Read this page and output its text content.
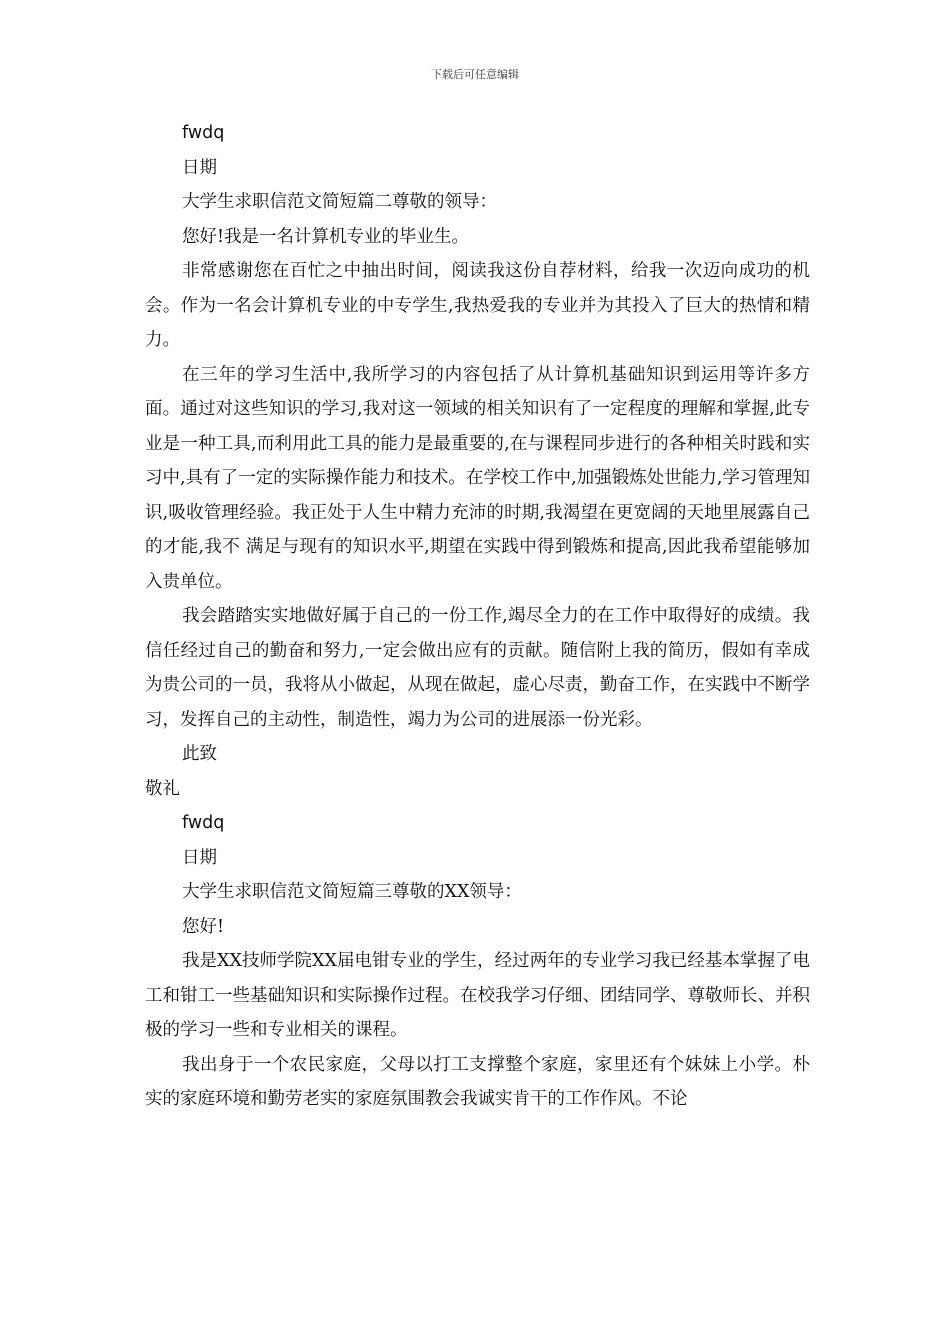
下载后可任意编辑
fwdq
日期
大学生求职信范文简短篇二尊敬的领导：
您好!我是一名计算机专业的毕业生。
非常感谢您在百忙之中抽出时间，阅读我这份自荐材料，给我一次迈向成功的机会。作为一名会计算机专业的中专学生,我热爱我的专业并为其投入了巨大的热情和精力。
在三年的学习生活中,我所学习的内容包括了从计算机基础知识到运用等许多方面。通过对这些知识的学习,我对这一领域的相关知识有了一定程度的理解和掌握,此专业是一种工具,而利用此工具的能力是最重要的,在与课程同步进行的各种相关时践和实习中,具有了一定的实际操作能力和技术。在学校工作中,加强锻炼处世能力,学习管理知识,吸收管理经验。我正处于人生中精力充沛的时期,我渴望在更宽阔的天地里展露自己的才能,我不 满足与现有的知识水平,期望在实践中得到锻炼和提高,因此我希望能够加入贵单位。
我会踏踏实实地做好属于自己的一份工作,竭尽全力的在工作中取得好的成绩。我信任经过自己的勤奋和努力,一定会做出应有的贡献。随信附上我的简历，假如有幸成为贵公司的一员，我将从小做起，从现在做起，虚心尽责，勤奋工作，在实践中不断学习，发挥自己的主动性，制造性，竭力为公司的进展添一份光彩。
此致
敬礼
fwdq
日期
大学生求职信范文简短篇三尊敬的XX领导：
您好!
我是XX技师学院XX届电钳专业的学生，经过两年的专业学习我已经基本掌握了电工和钳工一些基础知识和实际操作过程。在校我学习仔细、团结同学、尊敬师长、并积极的学习一些和专业相关的课程。
我出身于一个农民家庭，父母以打工支撑整个家庭，家里还有个妹妹上小学。朴实的家庭环境和勤劳老实的家庭氛围教会我诚实肯干的工作作风。不论
